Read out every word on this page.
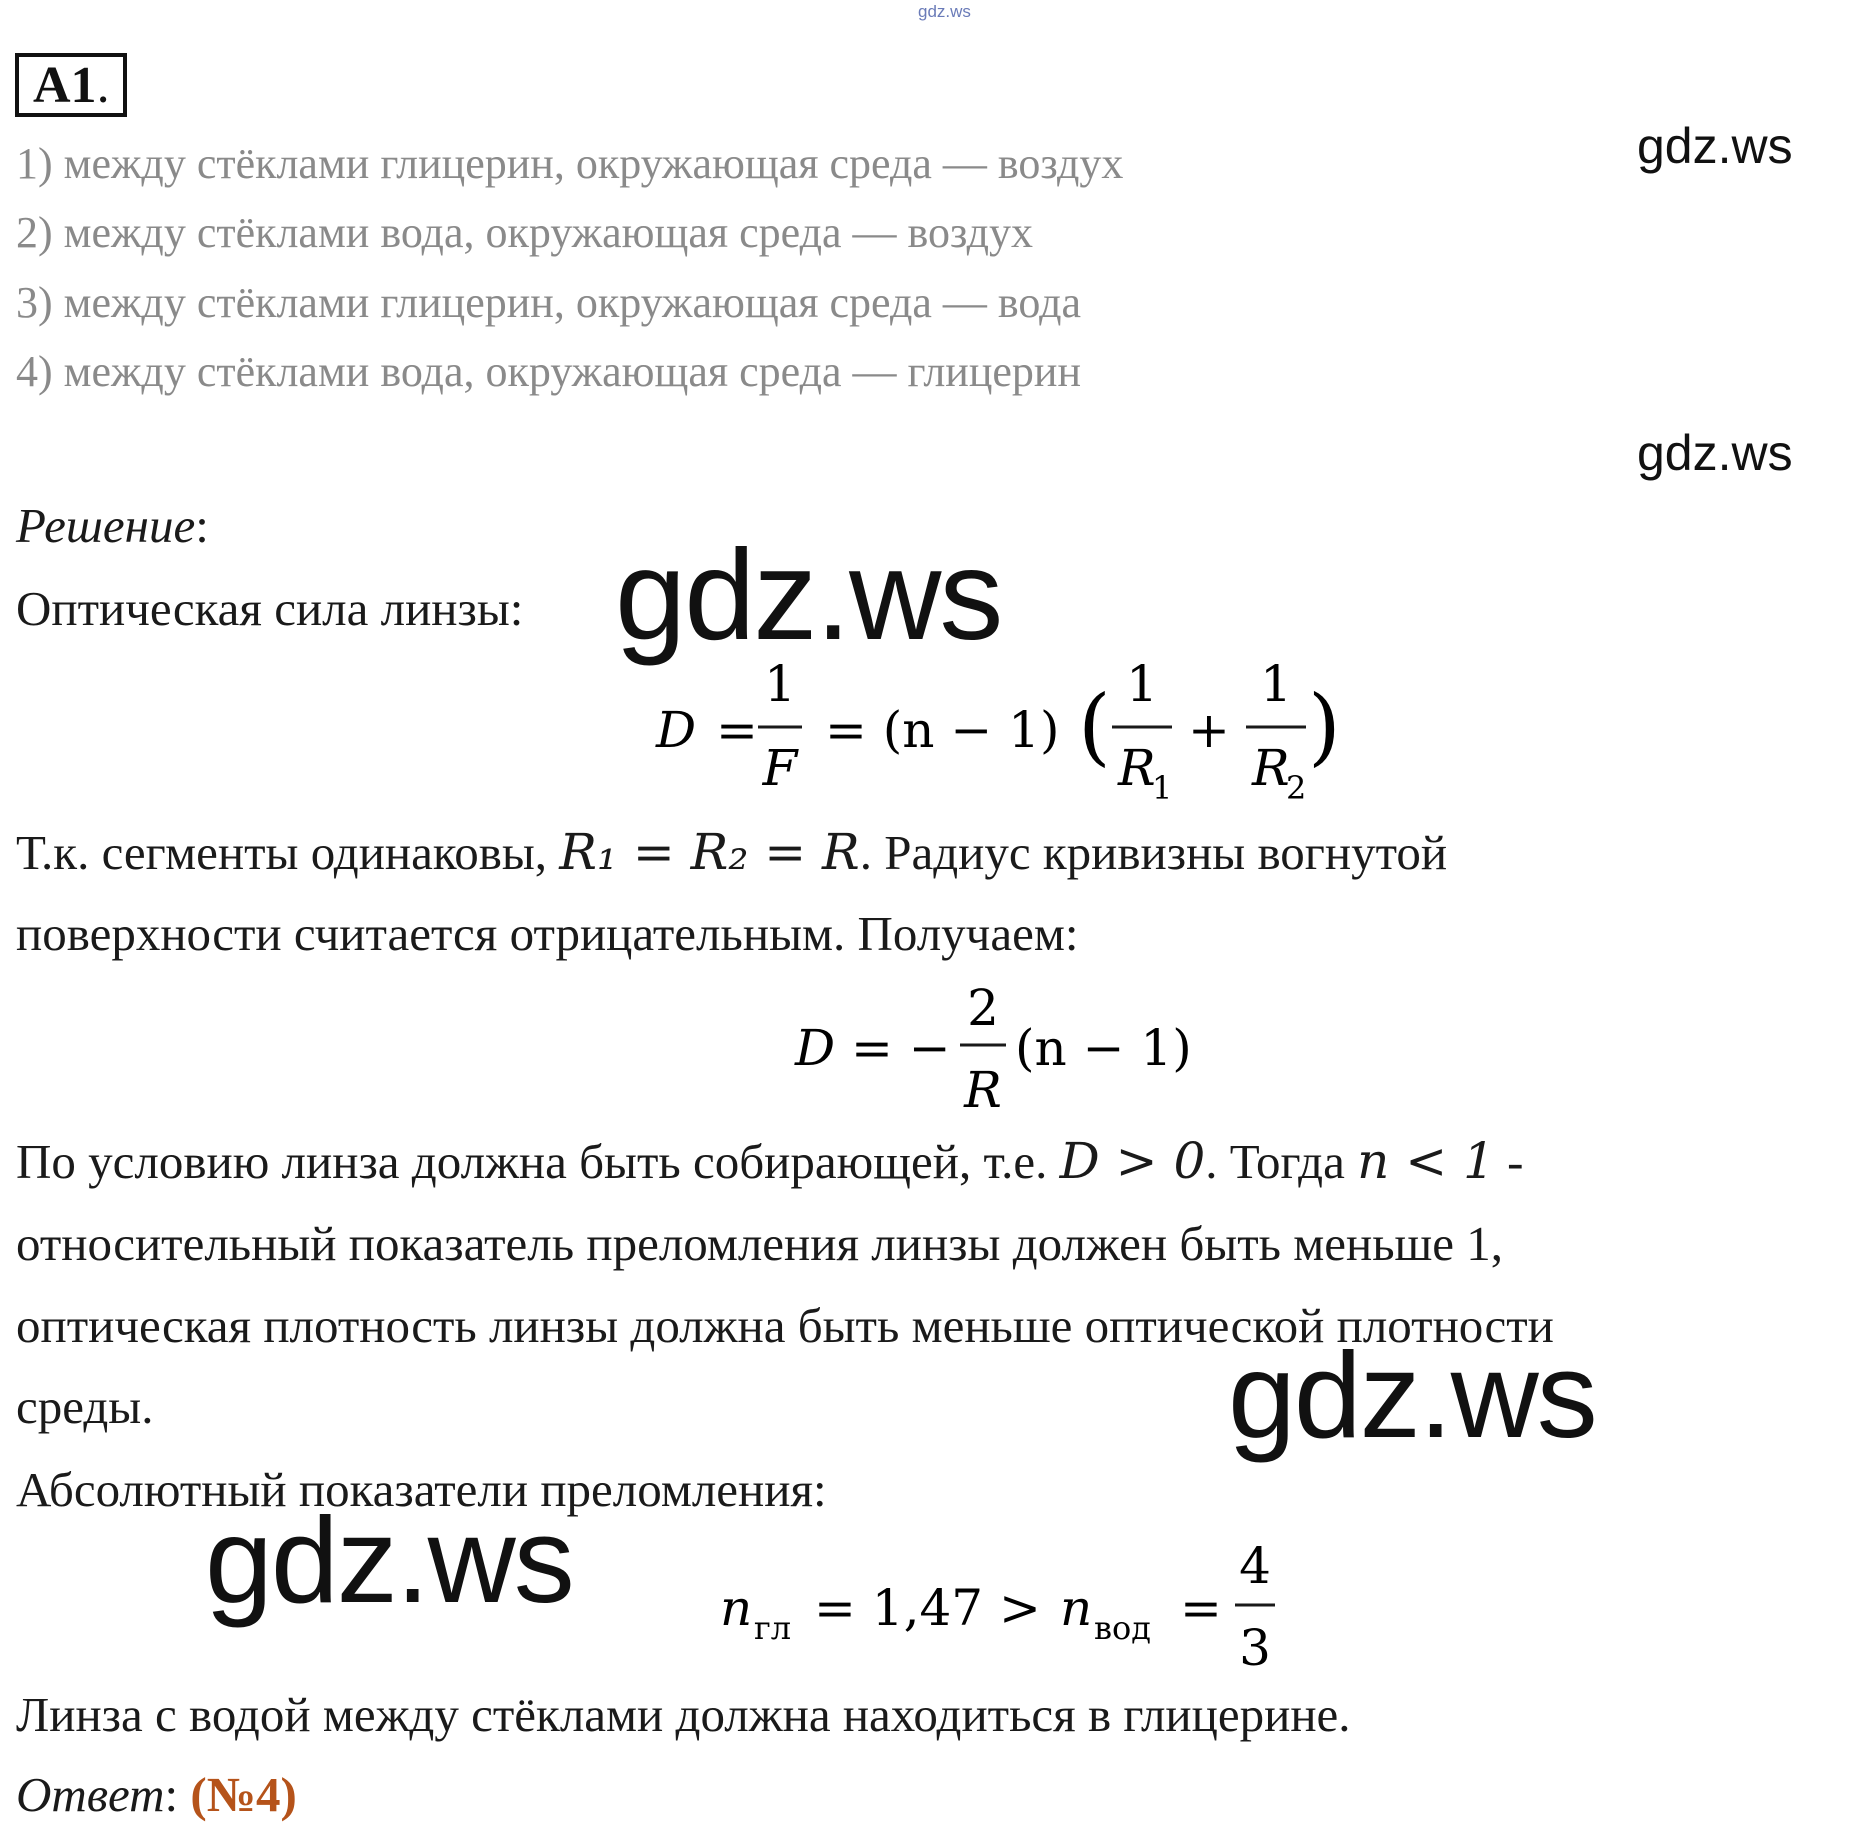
gdz.ws
A1.
1) между стёклами глицерин, окружающая среда — воздух
2) между стёклами вода, окружающая среда — воздух
3) между стёклами глицерин, окружающая среда — вода
4) между стёклами вода, окружающая среда — глицерин
gdz.ws
gdz.ws
Решение:
Оптическая сила линзы: gdz.ws
D =
1
F
= (n − 1) ( 1
R
1
+
1
R
2
)
Т.к. сегменты одинаковы, R₁ = R₂ = R. Радиус кривизны вогнутой
поверхности считается отрицательным. Получаем:
D = −
2
R
(n − 1)
По условию линза должна быть собирающей, т.е. D > 0. Тогда n < 1 -
относительный показатель преломления линзы должен быть меньше 1,
оптическая плотность линзы должна быть меньше оптической плотности
среды.	gdz.ws
Абсолютный показатели преломления:
gdz.ws	n гл = 1,47 > n вод =
4
3
Линза с водой между стёклами должна находиться в глицерине.
Ответ: (№4)
